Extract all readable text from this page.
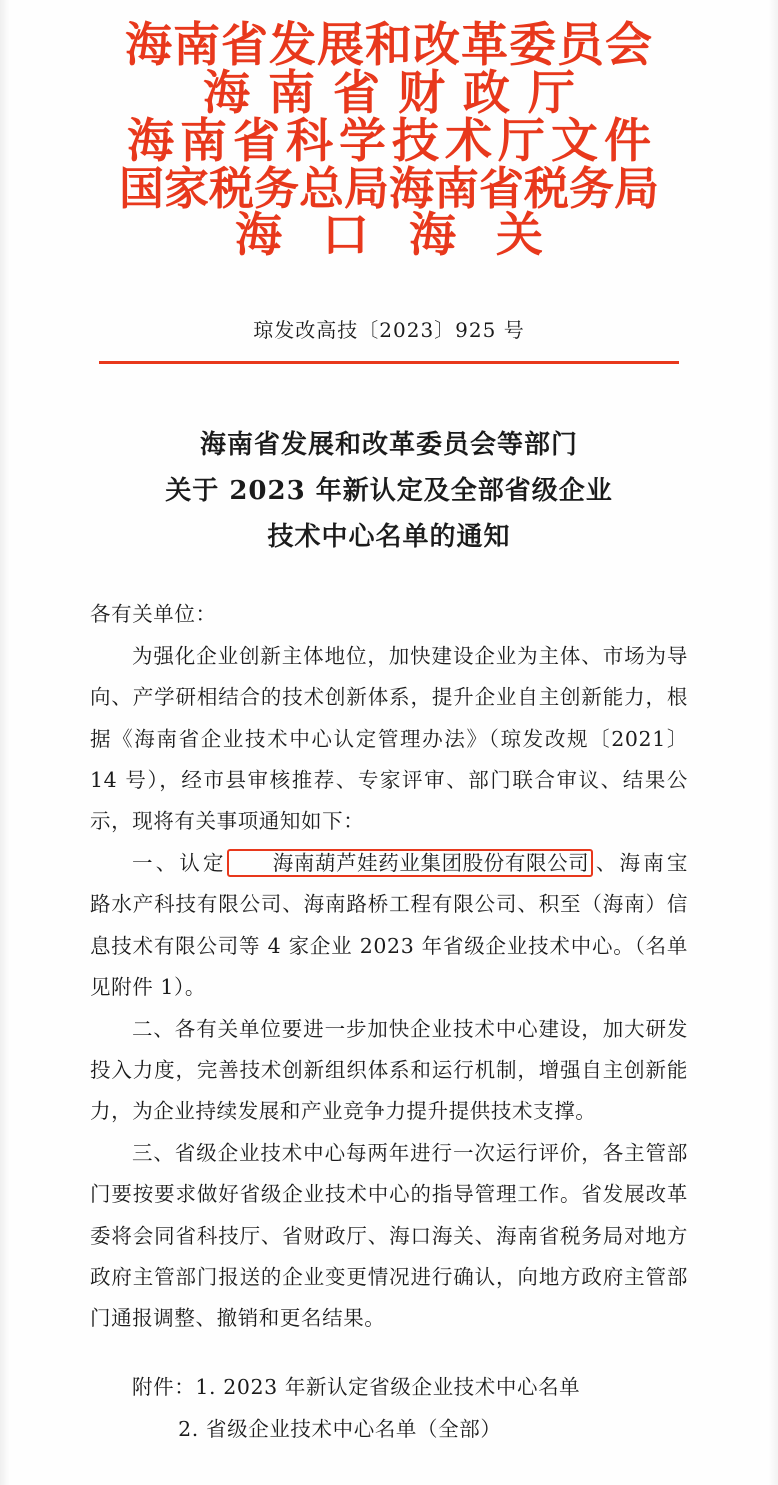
海南省发展和改革委员会
海南省财政厅
海南省科学技术厅文件
国家税务总局海南省税务局
海口海关
琼发改高技〔2023〕925 号
海南省发展和改革委员会等部门
关于 2023 年新认定及全部省级企业
技术中心名单的通知

各有关单位：

为强化企业创新主体地位，加快建设企业为主体、市场为导向、产学研相结合的技术创新体系，提升企业自主创新能力，根据《海南省企业技术中心认定管理办法》（琼发改规〔2021〕14 号），经市县审核推荐、专家评审、部门联合审议、结果公示，现将有关事项通知如下：

一、认定 海南葫芦娃药业集团股份有限公司 、海南宝路水产科技有限公司、海南路桥工程有限公司、积至（海南）信息技术有限公司等 4 家企业 2023 年省级企业技术中心。（名单见附件 1）。

二、各有关单位要进一步加快企业技术中心建设，加大研发投入力度，完善技术创新组织体系和运行机制，增强自主创新能力，为企业持续发展和产业竞争力提升提供技术支撑。

三、省级企业技术中心每两年进行一次运行评价，各主管部门要按要求做好省级企业技术中心的指导管理工作。省发展改革委将会同省科技厅、省财政厅、海口海关、海南省税务局对地方政府主管部门报送的企业变更情况进行确认，向地方政府主管部门通报调整、撤销和更名结果。

附件：1. 2023 年新认定省级企业技术中心名单
2. 省级企业技术中心名单（全部）
